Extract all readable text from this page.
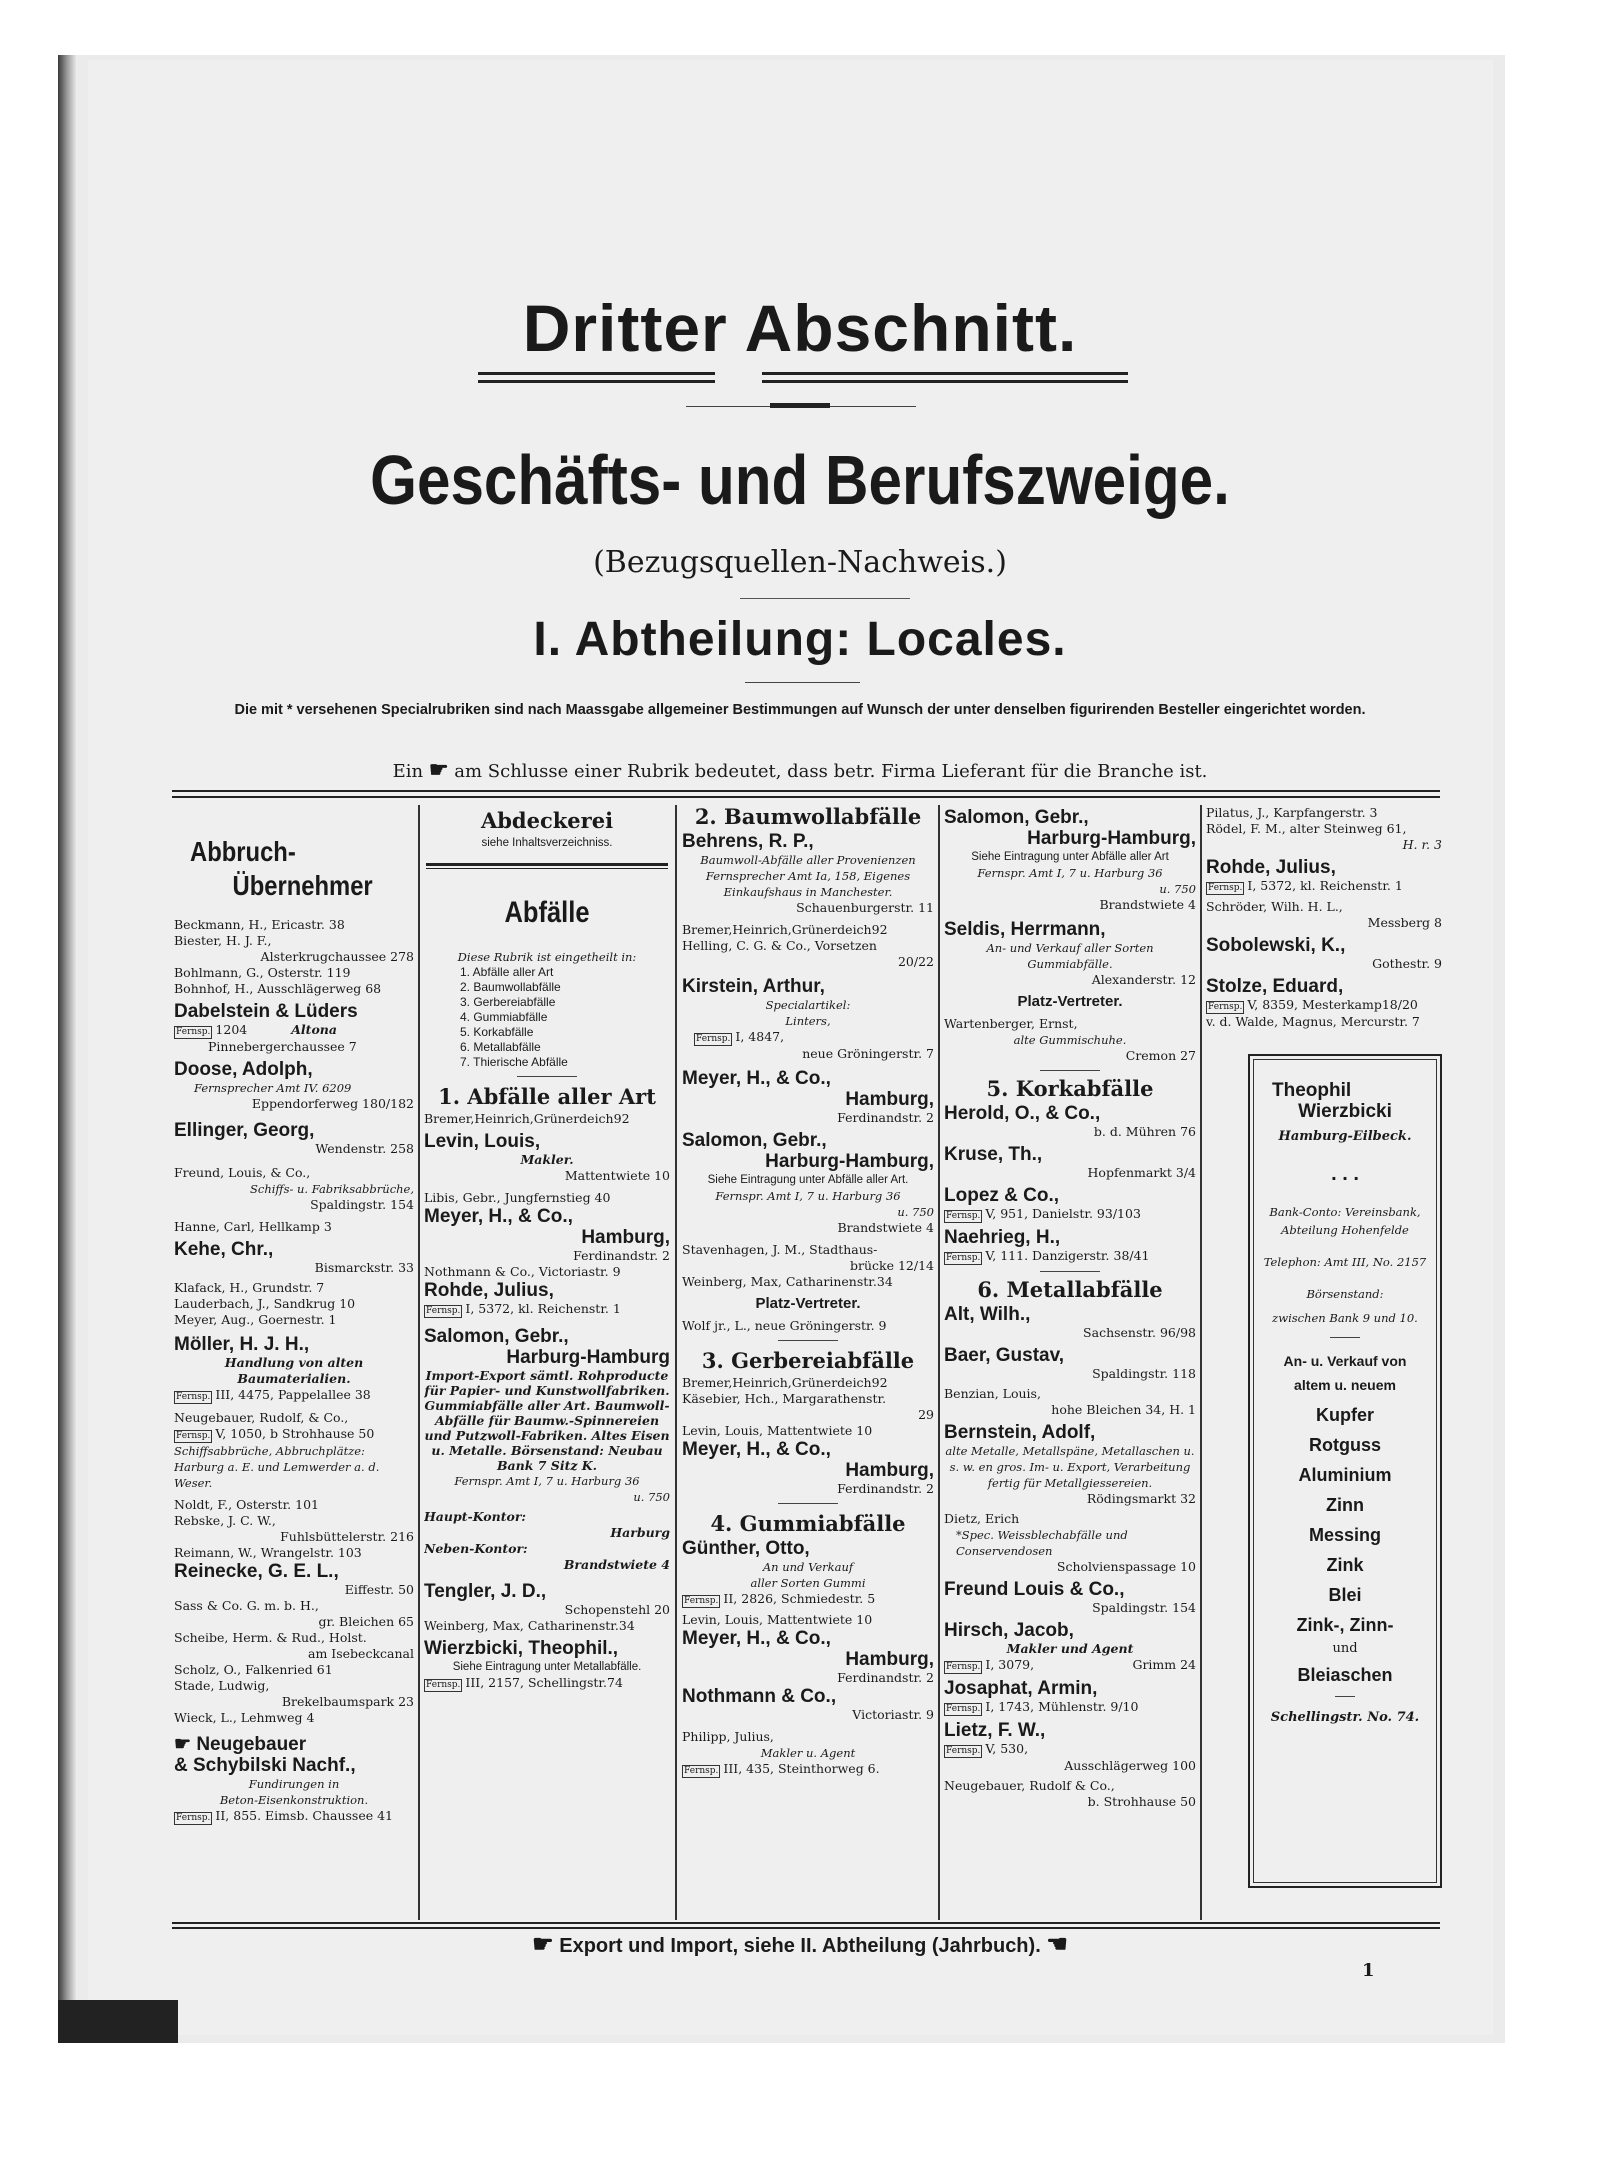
Dritter Abschnitt.
Geschäfts- und Berufszweige.
(Bezugsquellen-Nachweis.)
I. Abtheilung: Locales.
Die mit * versehenen Specialrubriken sind nach Maassgabe allgemeiner Bestimmungen auf Wunsch der unter denselben figurirenden Besteller eingerichtet worden.
Ein ☛ am Schlusse einer Rubrik bedeutet, dass betr. Firma Lieferant für die Branche ist.
Abbruch-
Übernehmer

Beckmann, H., Ericastr. 38

Biester, H. J. F.,

Alsterkrugchaussee 278

Bohlmann, G., Osterstr. 119

Bohnhof, H., Ausschlägerweg 68

Dabelstein & Lüders

Fernsp. 1204	Altona

Pinnebergerchaussee 7

Doose, Adolph,

Fernsprecher Amt IV. 6209

Eppendorferweg 180/182

Ellinger, Georg,

Wendenstr. 258

Freund, Louis, & Co.,

Schiffs- u. Fabriksabbrüche,

Spaldingstr. 154

Hanne, Carl, Hellkamp 3

Kehe, Chr.,

Bismarckstr. 33

Klafack, H., Grundstr. 7

Lauderbach, J., Sandkrug 10

Meyer, Aug., Goernestr. 1

Möller, H. J. H.,

Handlung von alten

Baumaterialien.

Fernsp. III, 4475, Pappelallee 38

Neugebauer, Rudolf, & Co.,

Fernsp. V, 1050, b Strohhause 50

Schiffsabbrüche, Abbruchplätze: Harburg a. E. und Lemwerder a. d. Weser.

Noldt, F., Osterstr. 101

Rebske, J. C. W.,

Fuhlsbüttelerstr. 216

Reimann, W., Wrangelstr. 103

Reinecke, G. E. L.,

Eiffestr. 50

Sass & Co. G. m. b. H.,

gr. Bleichen 65

Scheibe, Herm. & Rud., Holst.

am Isebeckcanal

Scholz, O., Falkenried 61

Stade, Ludwig,

Brekelbaumspark 23

Wieck, L., Lehmweg 4

☛ Neugebauer

& Schybilski Nachf.,

Fundirungen in

Beton-Eisenkonstruktion.

Fernsp. II, 855. Eimsb. Chaussee 41

Abdeckerei

siehe Inhaltsverzeichniss.

Abfälle

Diese Rubrik ist eingetheilt in:

1. Abfälle aller Art

2. Baumwollabfälle

3. Gerbereiabfälle

4. Gummiabfälle

5. Korkabfälle

6. Metallabfälle

7. Thierische Abfälle

1. Abfälle aller Art

Bremer,Heinrich,Grünerdeich92

Levin, Louis,

Makler.

Mattentwiete 10

Libis, Gebr., Jungfernstieg 40

Meyer, H., & Co.,

Hamburg,

Ferdinandstr. 2

Nothmann & Co., Victoriastr. 9

Rohde, Julius,

Fernsp. I, 5372, kl. Reichenstr. 1

Salomon, Gebr.,

Harburg-Hamburg

Import-Export sämtl. Rohproducte für Papier- und Kunstwollfabriken. Gummiabfälle aller Art. Baumwoll-Abfälle für Baumw.-Spinnereien und Putzwoll-Fabriken. Altes Eisen u. Metalle. Börsenstand: Neubau Bank 7 Sitz K.

Fernspr. Amt I, 7 u. Harburg 36

u. 750

Haupt-Kontor:

Harburg

Neben-Kontor:

Brandstwiete 4

Tengler, J. D.,

Schopenstehl 20

Weinberg, Max, Catharinenstr.34

Wierzbicki, Theophil.,

Siehe Eintragung unter Metallabfälle.

Fernsp. III, 2157, Schellingstr.74

2. Baumwollabfälle

Behrens, R. P.,

Baumwoll-Abfälle aller Provenienzen Fernsprecher Amt Ia, 158, Eigenes Einkaufshaus in Manchester.

Schauenburgerstr. 11

Bremer,Heinrich,Grünerdeich92

Helling, C. G. & Co., Vorsetzen

20/22

Kirstein, Arthur,

Specialartikel:

Linters,

Fernsp. I, 4847,

neue Gröningerstr. 7

Meyer, H., & Co.,

Hamburg,

Ferdinandstr. 2

Salomon, Gebr.,

Harburg-Hamburg,

Siehe Eintragung unter Abfälle aller Art.

Fernspr. Amt I, 7 u. Harburg 36

u. 750

Brandstwiete 4

Stavenhagen, J. M., Stadthaus-

brücke 12/14

Weinberg, Max, Catharinenstr.34

Platz-Vertreter.

Wolf jr., L., neue Gröningerstr. 9

3. Gerbereiabfälle

Bremer,Heinrich,Grünerdeich92

Käsebier, Hch., Margarathenstr.

29

Levin, Louis, Mattentwiete 10

Meyer, H., & Co.,

Hamburg,

Ferdinandstr. 2

4. Gummiabfälle

Günther, Otto,

An und Verkauf

aller Sorten Gummi

Fernsp. II, 2826, Schmiedestr. 5

Levin, Louis, Mattentwiete 10

Meyer, H., & Co.,

Hamburg,

Ferdinandstr. 2

Nothmann & Co.,

Victoriastr. 9

Philipp, Julius,

Makler u. Agent

Fernsp. III, 435, Steinthorweg 6.

Salomon, Gebr.,

Harburg-Hamburg,

Siehe Eintragung unter Abfälle aller Art

Fernspr. Amt I, 7 u. Harburg 36

u. 750

Brandstwiete 4

Seldis, Herrmann,

An- und Verkauf aller Sorten Gummiabfälle.

Alexanderstr. 12

Platz-Vertreter.

Wartenberger, Ernst,

alte Gummischuhe.

Cremon 27

5. Korkabfälle

Herold, O., & Co.,

b. d. Mühren 76

Kruse, Th.,

Hopfenmarkt 3/4

Lopez & Co.,

Fernsp. V, 951, Danielstr. 93/103

Naehrieg, H.,

Fernsp. V, 111. Danzigerstr. 38/41

6. Metallabfälle

Alt, Wilh.,

Sachsenstr. 96/98

Baer, Gustav,

Spaldingstr. 118

Benzian, Louis,

hohe Bleichen 34, H. 1

Bernstein, Adolf,

alte Metalle, Metallspäne, Metallaschen u. s. w. en gros. Im- u. Export, Verarbeitung fertig für Metallgiessereien.

Rödingsmarkt 32

Dietz, Erich

*Spec. Weissblechabfälle und Conservendosen

Scholvienspassage 10

Freund Louis & Co.,

Spaldingstr. 154

Hirsch, Jacob,

Makler und Agent

Fernsp. I, 3079,	Grimm 24

Josaphat, Armin,

Fernsp. I, 1743, Mühlenstr. 9/10

Lietz, F. W.,

Fernsp. V, 530,

Ausschlägerweg 100

Neugebauer, Rudolf & Co.,

b. Strohhause 50

Pilatus, J., Karpfangerstr. 3

Rödel, F. M., alter Steinweg 61,

H. r. 3

Rohde, Julius,

Fernsp. I, 5372, kl. Reichenstr. 1

Schröder, Wilh. H. L.,

Messberg 8

Sobolewski, K.,

Gothestr. 9

Stolze, Eduard,

Fernsp. V, 8359, Mesterkamp18/20

v. d. Walde, Magnus, Mercurstr. 7

Theophil

Wierzbicki

Hamburg-Eilbeck.

. . .

Bank-Conto: Vereinsbank, Abteilung Hohenfelde

Telephon: Amt III, No. 2157

Börsenstand:

zwischen Bank 9 und 10.

An- u. Verkauf von

altem u. neuem

Kupfer

Rotguss

Aluminium

Zinn

Messing

Zink

Blei

Zink-, Zinn-

und

Bleiaschen

Schellingstr. No. 74.

☛ Export und Import, siehe II. Abtheilung (Jahrbuch). ☚
1
